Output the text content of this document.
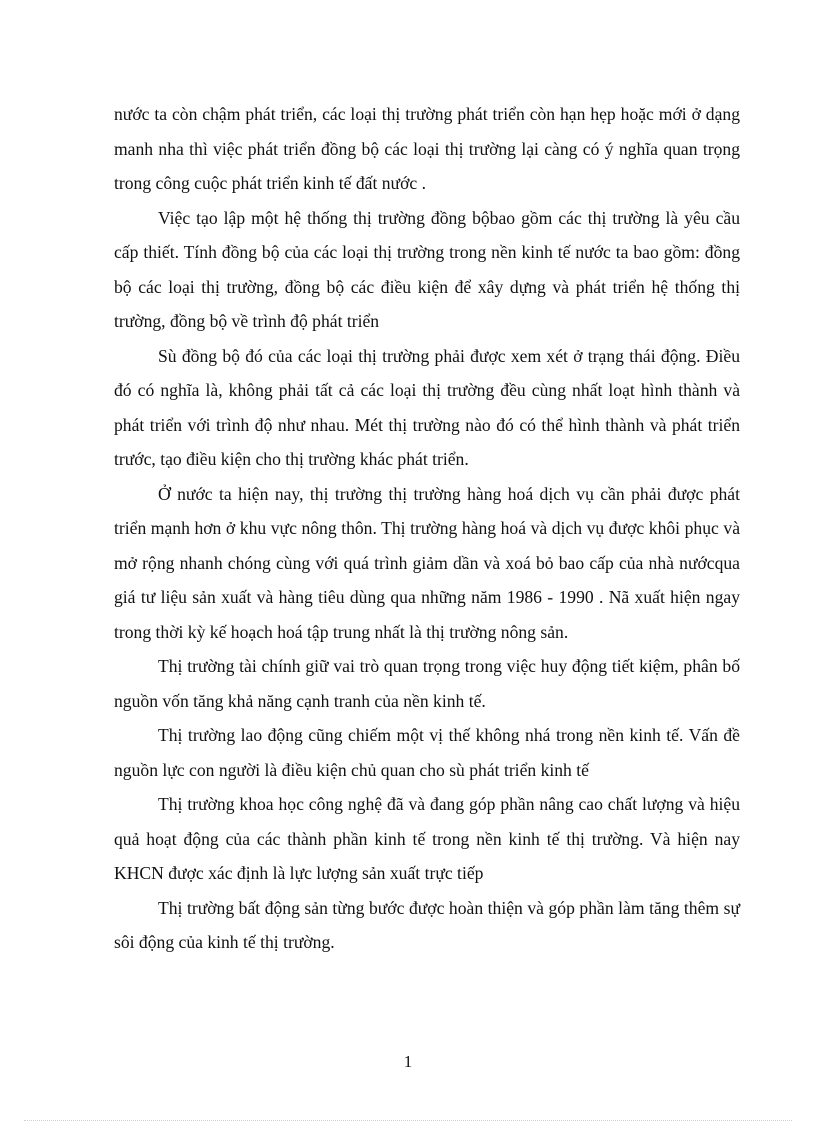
nước ta còn chậm phát triển, các loại thị trường phát triển còn hạn hẹp hoặc mới ở dạng manh nha thì việc phát triển đồng bộ các loại thị trường lại càng có ý nghĩa quan trọng trong công cuộc phát triển kinh tế đất nước .

Việc tạo lập một hệ thống thị trường đồng bộbao gồm các thị trường là yêu cầu cấp thiết. Tính đồng bộ của các loại thị trường trong nền kinh tế nước ta bao gồm: đồng bộ các loại thị trường, đồng bộ các điều kiện để xây dựng và phát triển hệ thống thị trường, đồng bộ về trình độ phát triển

Sù đồng bộ đó của các loại thị trường phải được xem xét ở trạng thái động. Điều đó có nghĩa là, không phải tất cả các loại thị trường đều cùng nhất loạt hình thành và phát triển với trình độ như nhau. Mét thị trường nào đó có thể hình thành và phát triển trước, tạo điều kiện cho thị trường khác phát triển.

Ở nước ta hiện nay, thị trường thị trường hàng hoá dịch vụ cần phải được phát triển mạnh hơn ở khu vực nông thôn. Thị trường hàng hoá và dịch vụ được khôi phục và mở rộng nhanh chóng cùng với quá trình giảm dần và xoá bỏ bao cấp của nhà nướcqua giá tư liệu sản xuất và hàng tiêu dùng qua những năm 1986 - 1990 . Nã xuất hiện ngay trong thời kỳ kế hoạch hoá tập trung nhất là thị trường nông sản.

Thị trường tài chính giữ vai trò quan trọng trong việc huy động tiết kiệm, phân bố nguồn vốn tăng khả năng cạnh tranh của nền kinh tế.

Thị trường lao động cũng chiếm một vị thế không nhá trong nền kinh tế. Vấn đề nguồn lực con người là điều kiện chủ quan cho sù phát triển kinh tế

Thị trường khoa học công nghệ đã và đang góp phần nâng cao chất lượng và hiệu quả hoạt động của các thành phần kinh tế trong nền kinh tế thị trường. Và hiện nay KHCN được xác định là lực lượng sản xuất trực tiếp

Thị trường bất động sản từng bước được hoàn thiện và góp phần làm tăng thêm sự sôi động của kinh tế thị trường.

1
